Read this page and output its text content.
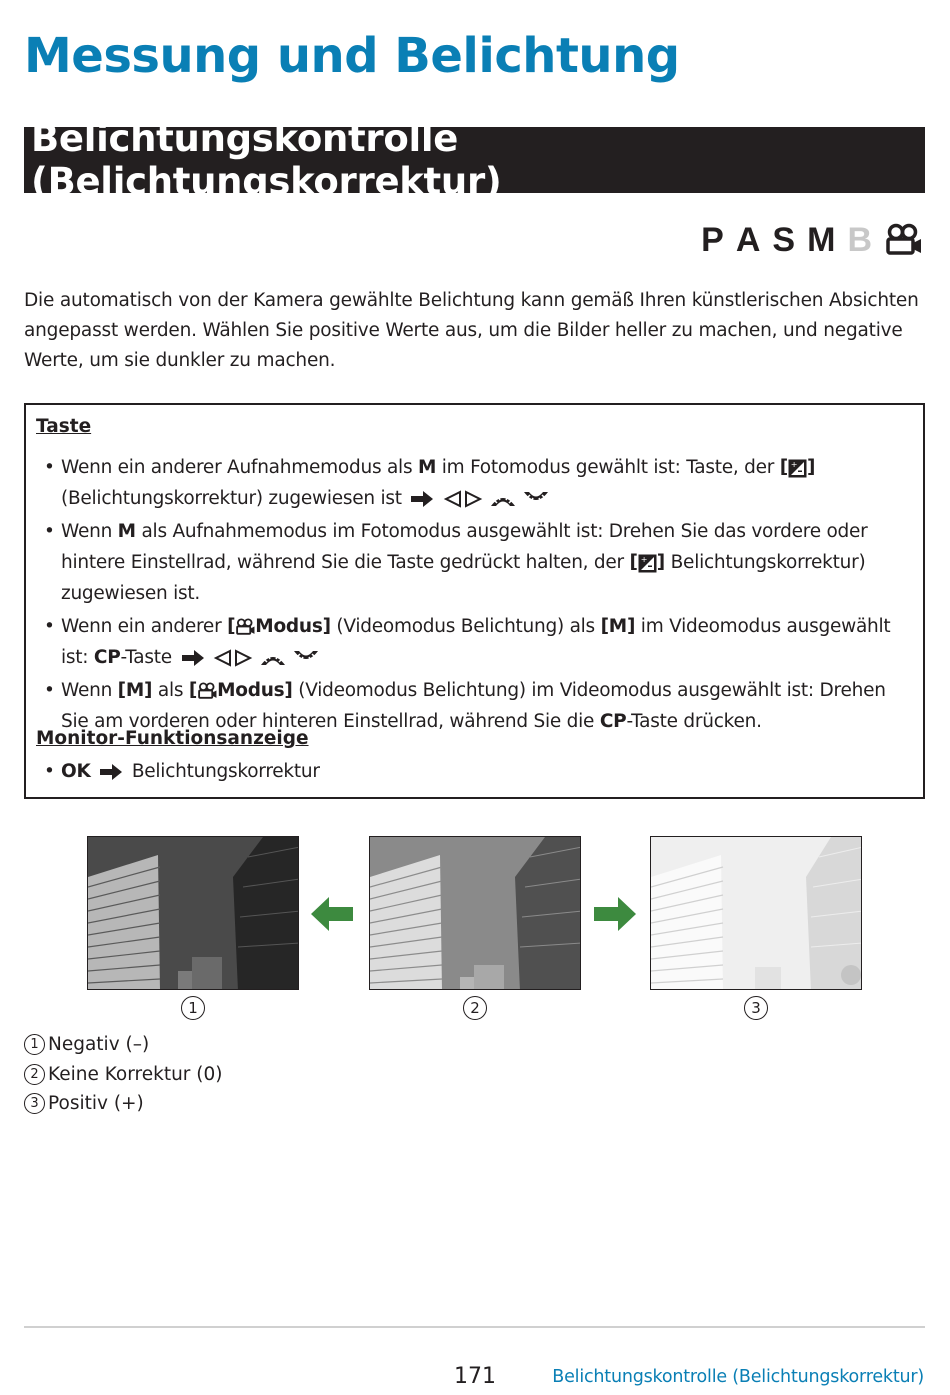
Messung und Belichtung
Belichtungskontrolle (Belichtungskorrektur)
P A S M B

Die automatisch von der Kamera gewählte Belichtung kann gemäß Ihren künstlerischen Absichten angepasst werden. Wählen Sie positive Werte aus, um die Bilder heller zu machen, und negative Werte, um sie dunkler zu machen.

Taste
• Wenn ein anderer Aufnahmemodus als M im Fotomodus gewählt ist: Taste, der [ + ] (Belichtungskorrektur) zugewiesen ist
• Wenn M als Aufnahmemodus im Fotomodus ausgewählt ist: Drehen Sie das vordere oder hintere Einstellrad, während Sie die Taste gedrückt halten, der [ + ] Belichtungskorrektur) zugewiesen ist.
• Wenn ein anderer [ Modus] (Videomodus Belichtung) als [M] im Videomodus ausgewählt ist: CP-Taste
• Wenn [M] als [ Modus] (Videomodus Belichtung) im Videomodus ausgewählt ist: Drehen Sie am vorderen oder hinteren Einstellrad, während Sie die CP-Taste drücken.
Monitor-Funktionsanzeige
• OK Belichtungskorrektur
1	2	3
1 Negativ (–)
2 Keine Korrektur (0)
3 Positiv (+)
171	Belichtungskontrolle (Belichtungskorrektur)
